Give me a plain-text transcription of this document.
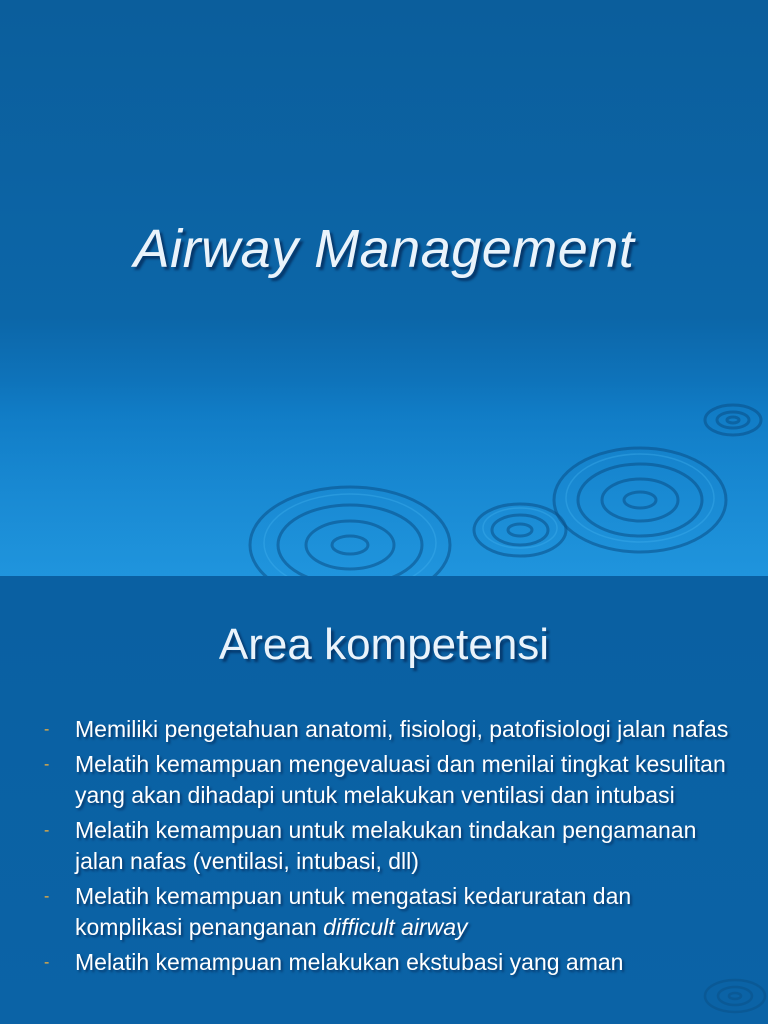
Airway Management
Area kompetensi
- Memiliki pengetahuan anatomi, fisiologi, patofisiologi jalan nafas
- Melatih kemampuan mengevaluasi dan menilai tingkat kesulitan yang akan dihadapi untuk melakukan ventilasi dan intubasi
- Melatih kemampuan untuk melakukan tindakan pengamanan jalan nafas (ventilasi, intubasi, dll)
- Melatih kemampuan untuk mengatasi kedaruratan dan komplikasi penanganan difficult airway
- Melatih kemampuan melakukan ekstubasi yang aman
